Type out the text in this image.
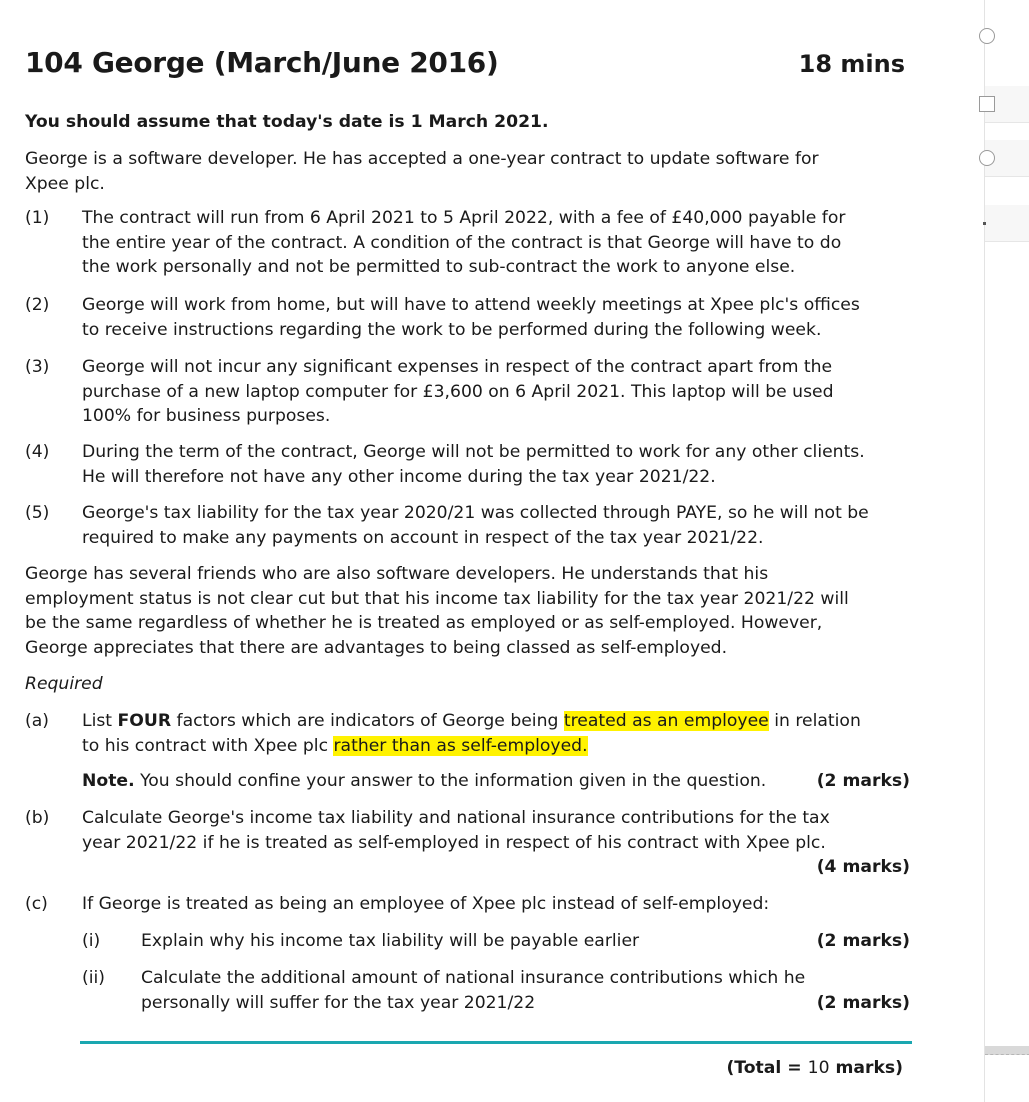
104 George (March/June 2016)	18 mins
You should assume that today's date is 1 March 2021.
George is a software developer. He has accepted a one-year contract to update software for
Xpee plc.
(1) The contract will run from 6 April 2021 to 5 April 2022, with a fee of £40,000 payable for
the entire year of the contract. A condition of the contract is that George will have to do
the work personally and not be permitted to sub-contract the work to anyone else.
(2) George will work from home, but will have to attend weekly meetings at Xpee plc's offices
to receive instructions regarding the work to be performed during the following week.
(3) George will not incur any significant expenses in respect of the contract apart from the
purchase of a new laptop computer for £3,600 on 6 April 2021. This laptop will be used
100% for business purposes.
(4) During the term of the contract, George will not be permitted to work for any other clients.
He will therefore not have any other income during the tax year 2021/22.
(5) George's tax liability for the tax year 2020/21 was collected through PAYE, so he will not be
required to make any payments on account in respect of the tax year 2021/22.
George has several friends who are also software developers. He understands that his
employment status is not clear cut but that his income tax liability for the tax year 2021/22 will
be the same regardless of whether he is treated as employed or as self-employed. However,
George appreciates that there are advantages to being classed as self-employed.
Required
(a) List FOUR factors which are indicators of George being treated as an employee in relation
to his contract with Xpee plc rather than as self-employed.
Note. You should confine your answer to the information given in the question.	(2 marks)
(b) Calculate George's income tax liability and national insurance contributions for the tax
year 2021/22 if he is treated as self-employed in respect of his contract with Xpee plc.
(4 marks)
(c) If George is treated as being an employee of Xpee plc instead of self-employed:
(i) Explain why his income tax liability will be payable earlier	(2 marks)
(ii) Calculate the additional amount of national insurance contributions which he
personally will suffer for the tax year 2021/22	(2 marks)
(Total = 10 marks)
